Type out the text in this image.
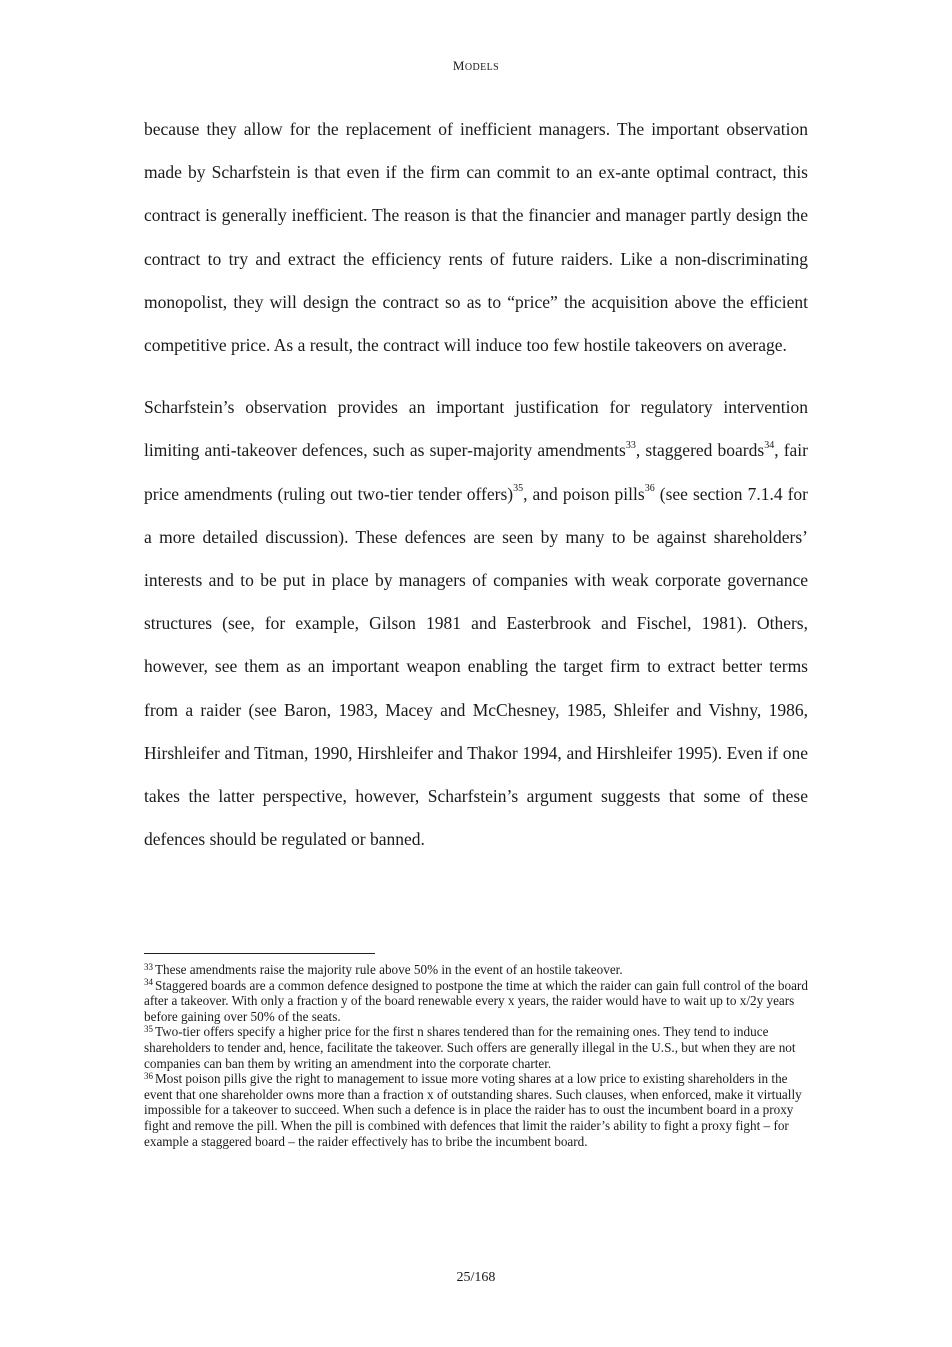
MODELS

because they allow for the replacement of inefficient managers. The important observation made by Scharfstein is that even if the firm can commit to an ex-ante optimal contract, this contract is generally inefficient. The reason is that the financier and manager partly design the contract to try and extract the efficiency rents of future raiders. Like a non-discriminating monopolist, they will design the contract so as to “price” the acquisition above the efficient competitive price. As a result, the contract will induce too few hostile takeovers on average.

Scharfstein’s observation provides an important justification for regulatory intervention limiting anti-takeover defences, such as super-majority amendments$^{33}$, staggered boards$^{34}$, fair price amendments (ruling out two-tier tender offers)$^{35}$, and poison pills$^{36}$ (see section 7.1.4 for a more detailed discussion). These defences are seen by many to be against shareholders’ interests and to be put in place by managers of companies with weak corporate governance structures (see, for example, Gilson 1981 and Easterbrook and Fischel, 1981). Others, however, see them as an important weapon enabling the target firm to extract better terms from a raider (see Baron, 1983, Macey and McChesney, 1985, Shleifer and Vishny, 1986, Hirshleifer and Titman, 1990, Hirshleifer and Thakor 1994, and Hirshleifer 1995). Even if one takes the latter perspective, however, Scharfstein’s argument suggests that some of these defences should be regulated or banned.

$^{33}$ These amendments raise the majority rule above 50% in the event of an hostile takeover.

$^{34}$ Staggered boards are a common defence designed to postpone the time at which the raider can gain full control of the board after a takeover. With only a fraction y of the board renewable every x years, the raider would have to wait up to x/2y years before gaining over 50% of the seats.

$^{35}$ Two-tier offers specify a higher price for the first n shares tendered than for the remaining ones. They tend to induce shareholders to tender and, hence, facilitate the takeover. Such offers are generally illegal in the U.S., but when they are not companies can ban them by writing an amendment into the corporate charter.

$^{36}$ Most poison pills give the right to management to issue more voting shares at a low price to existing shareholders in the event that one shareholder owns more than a fraction x of outstanding shares. Such clauses, when enforced, make it virtually impossible for a takeover to succeed. When such a defence is in place the raider has to oust the incumbent board in a proxy fight and remove the pill. When the pill is combined with defences that limit the raider’s ability to fight a proxy fight – for example a staggered board – the raider effectively has to bribe the incumbent board.

25/168
